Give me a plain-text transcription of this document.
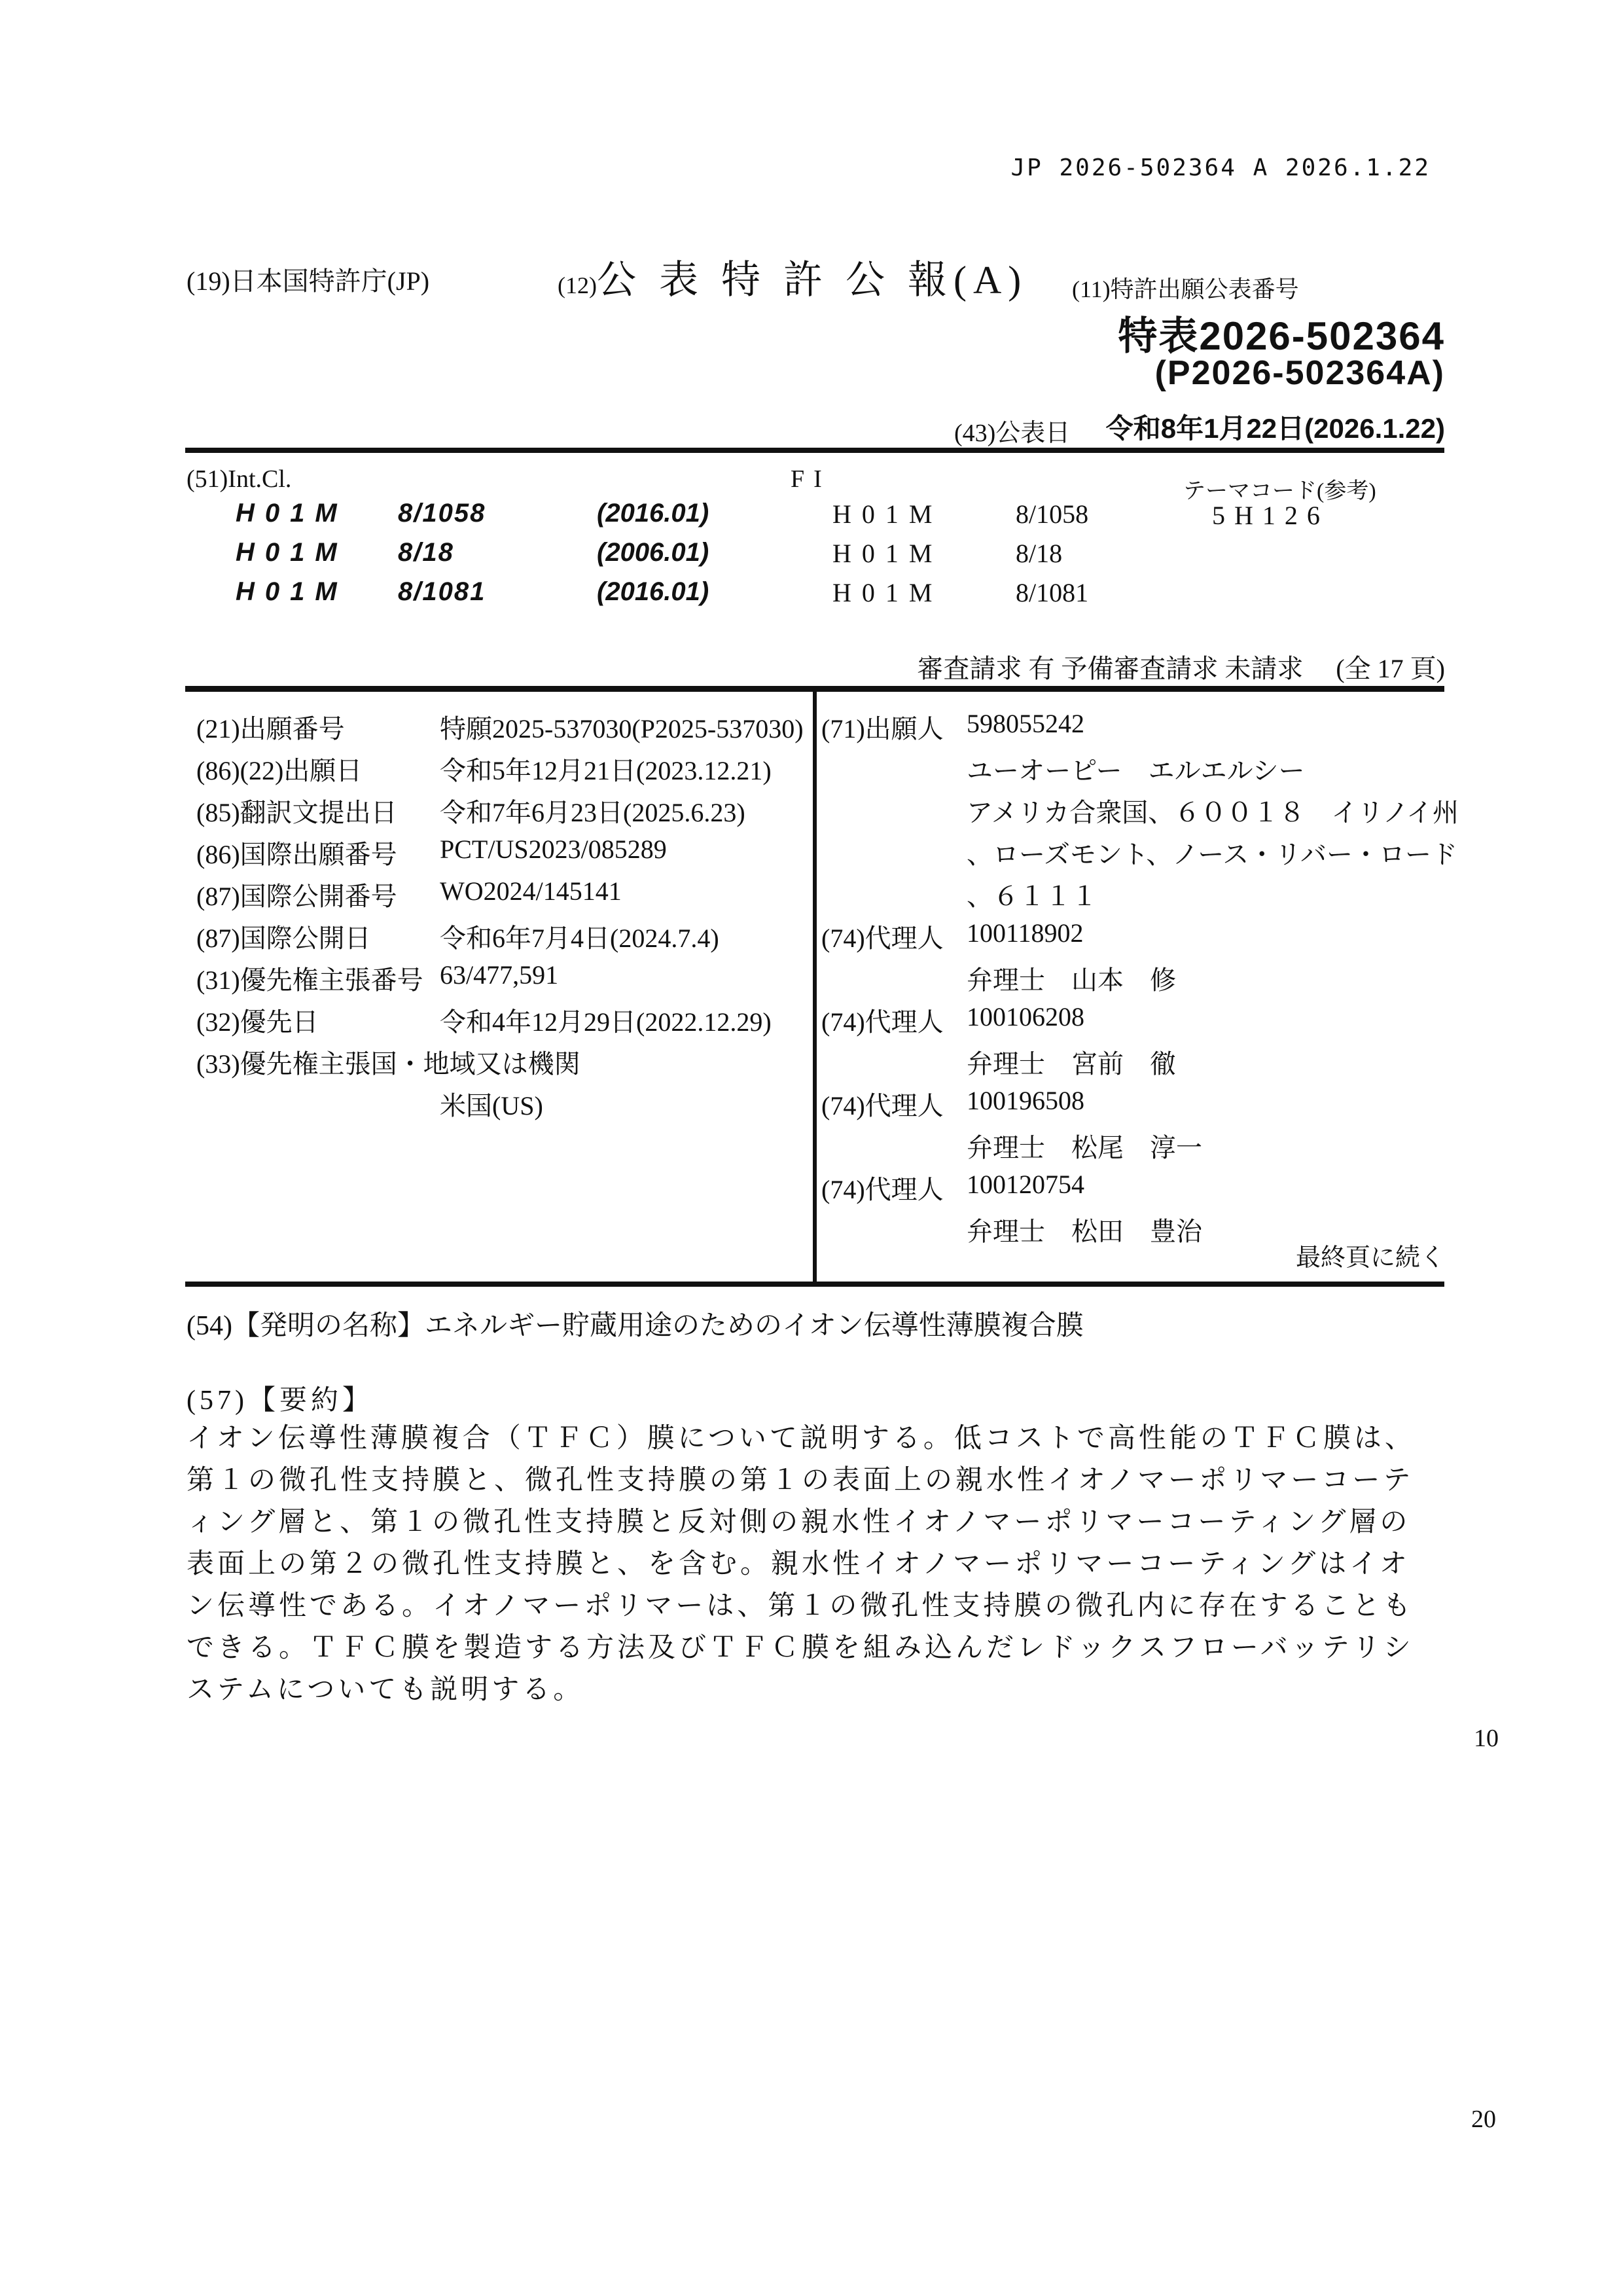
JP 2026-502364 A 2026.1.22
(19)日本国特許庁(JP)	(12)公 表 特 許 公 報(A) (11)特許出願公表番号
特表2026-502364
(P2026-502364A)
(43)公表日	令和8年1月22日(2026.1.22)
(51)Int.Cl.	FI	テーマコード(参考)
H01M 8/1058	(2016.01)	H01M	8/1058
H01M 8/18	(2006.01)	H01M	8/18
H01M 8/1081	(2016.01)	H01M	8/1081
5H126
審査請求 有 予備審査請求 未請求　 (全 17 頁)
(21)出願番号	特願2025-537030(P2025-537030)
(86)(22)出願日	令和5年12月21日(2023.12.21)
(85)翻訳文提出日 令和7年6月23日(2025.6.23)
(86)国際出願番号 PCT/US2023/085289
(87)国際公開番号 WO2024/145141
(87)国際公開日	令和6年7月4日(2024.7.4)
(31)優先権主張番号 63/477,591
(32)優先日	令和4年12月29日(2022.12.29)
(33)優先権主張国・地域又は機関
米国(US)
(71)出願人 598055242
ユーオーピー　エルエルシー
アメリカ合衆国、６００１８　イリノイ州
、ローズモント、ノース・リバー・ロード
、６１１１
(74)代理人 100118902
弁理士　山本　修
(74)代理人 100106208
弁理士　宮前　徹
(74)代理人 100196508
弁理士　松尾　淳一
(74)代理人 100120754
弁理士　松田　豊治
最終頁に続く
(54)【発明の名称】エネルギー貯蔵用途のためのイオン伝導性薄膜複合膜
(57)【要約】
イオン伝導性薄膜複合（ＴＦＣ）膜について説明する。低コストで高性能のＴＦＣ膜は、
第１の微孔性支持膜と、微孔性支持膜の第１の表面上の親水性イオノマーポリマーコーテ
ィング層と、第１の微孔性支持膜と反対側の親水性イオノマーポリマーコーティング層の
表面上の第２の微孔性支持膜と、を含む。親水性イオノマーポリマーコーティングはイオ
ン伝導性である。イオノマーポリマーは、第１の微孔性支持膜の微孔内に存在することも
できる。ＴＦＣ膜を製造する方法及びＴＦＣ膜を組み込んだレドックスフローバッテリシ
ステムについても説明する。
10
20
